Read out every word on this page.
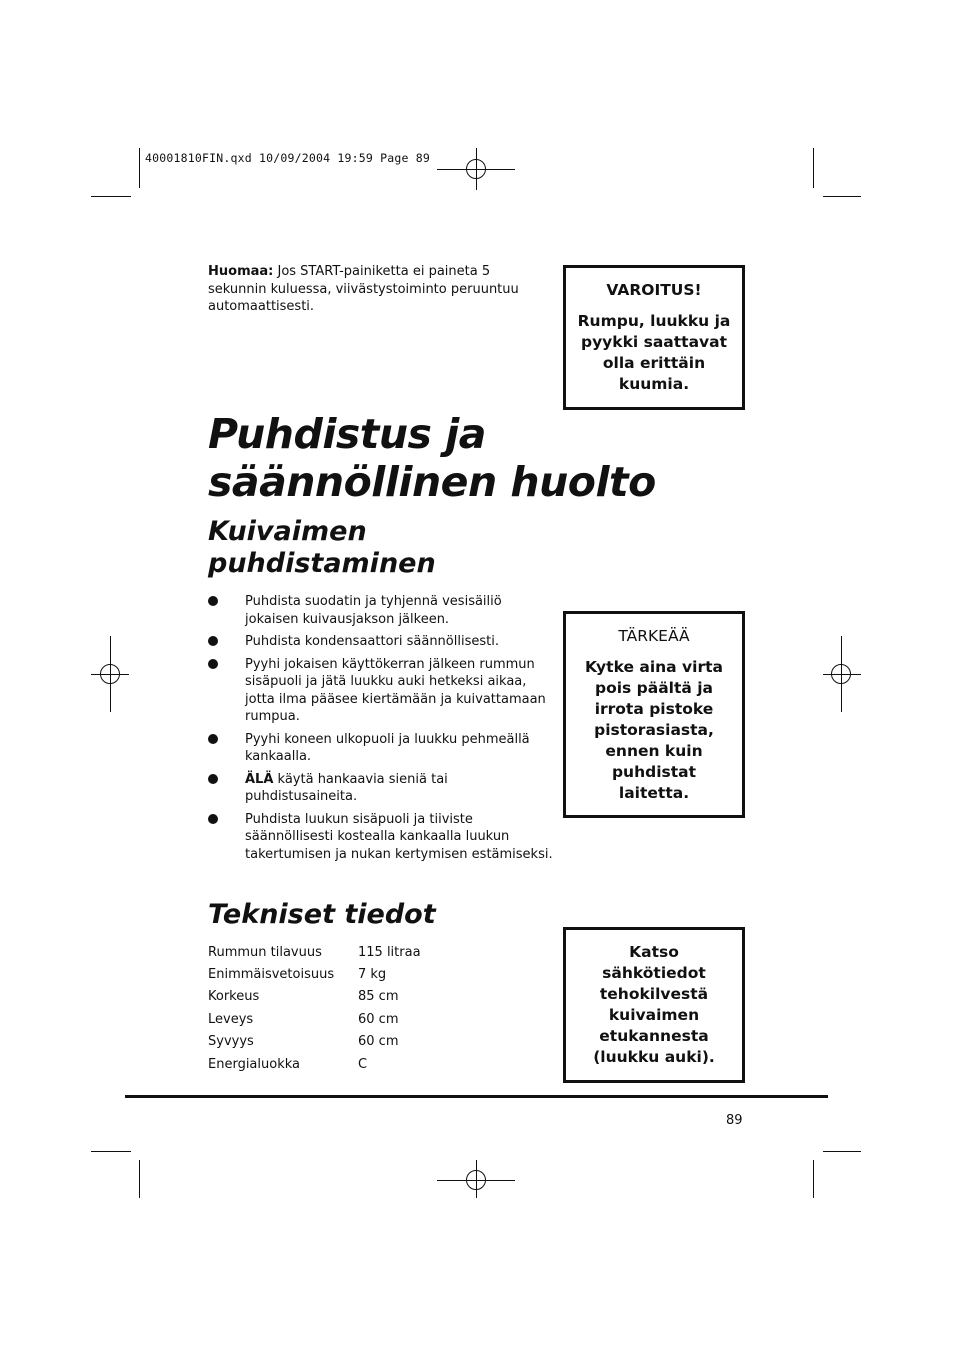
40001810FIN.qxd 10/09/2004 19:59 Page 89
Huomaa: Jos START-painiketta ei paineta 5 sekunnin kuluessa, viivästystoiminto peruuntuu automaattisesti.
VAROITUS!
Rumpu, luukku ja pyykki saattavat olla erittäin kuumia.
Puhdistus ja säännöllinen huolto
Kuivaimen puhdistaminen
Puhdista suodatin ja tyhjennä vesisäiliö jokaisen kuivausjakson jälkeen.
Puhdista kondensaattori säännöllisesti.
Pyyhi jokaisen käyttökerran jälkeen rummun sisäpuoli ja jätä luukku auki hetkeksi aikaa, jotta ilma pääsee kiertämään ja kuivattamaan rumpua.
Pyyhi koneen ulkopuoli ja luukku pehmeällä kankaalla.
ÄLÄ käytä hankaavia sieniä tai puhdistusaineita.
Puhdista luukun sisäpuoli ja tiiviste säännöllisesti kostealla kankaalla luukun takertumisen ja nukan kertymisen estämiseksi.
TÄRKEÄÄ
Kytke aina virta pois päältä ja irrota pistoke pistorasiasta, ennen kuin puhdistat laitetta.
Tekniset tiedot
Rummun tilavuus	115 litraa
Enimmäisvetoisuus	7 kg
Korkeus	85 cm
Leveys	60 cm
Syvyys	60 cm
Energialuokka	C
Katso sähkötiedot tehokilvestä kuivaimen etukannesta (luukku auki).
89
